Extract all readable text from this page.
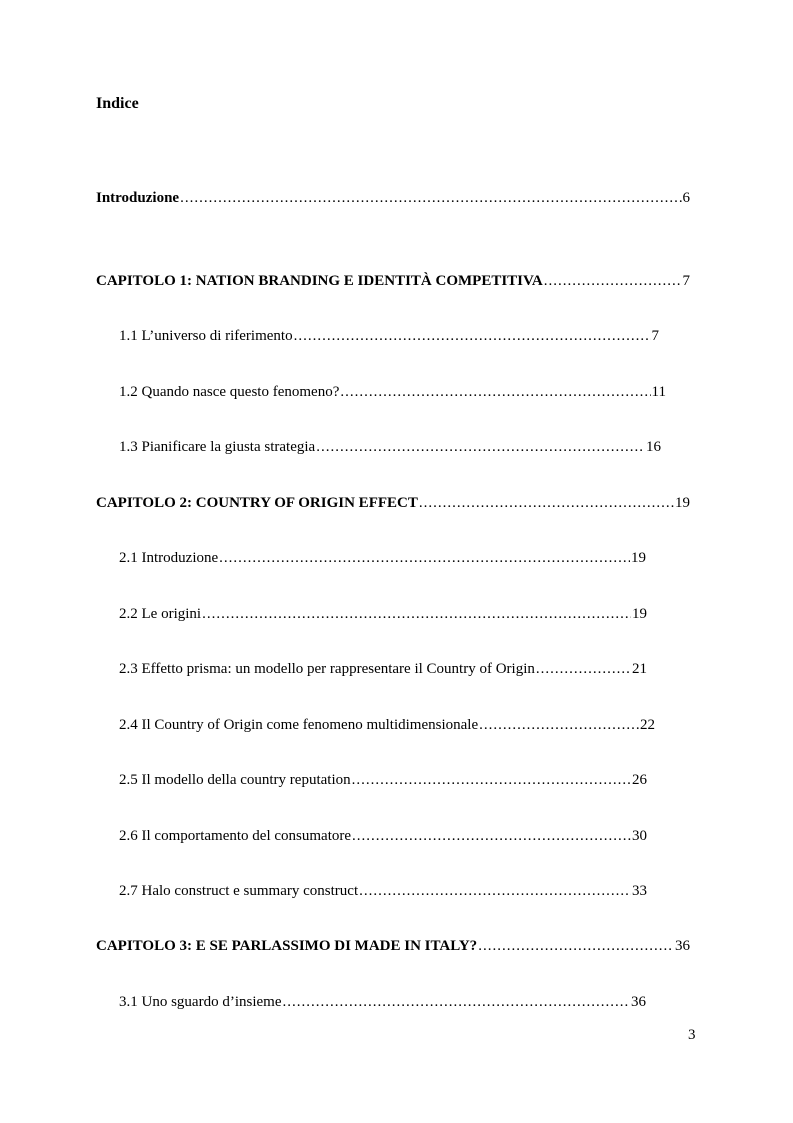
Indice
Introduzione .....	6
CAPITOLO 1: NATION BRANDING E IDENTITÀ COMPETITIVA .....	7
1.1 L’universo di riferimento .....	7
1.2 Quando nasce questo fenomeno? .....	11
1.3 Pianificare la giusta strategia .....	16
CAPITOLO 2: COUNTRY OF ORIGIN EFFECT .....	19
2.1 Introduzione .....	19
2.2 Le origini .....	19
2.3 Effetto prisma: un modello per rappresentare il Country of Origin .....	21
2.4 Il Country of Origin come fenomeno multidimensionale .....	22
2.5 Il modello della country reputation .....	26
2.6 Il comportamento del consumatore .....	30
2.7 Halo construct e summary construct .....	33
CAPITOLO 3: E SE PARLASSIMO DI MADE IN ITALY? .....	36
3.1 Uno sguardo d’insieme .....	36
3
